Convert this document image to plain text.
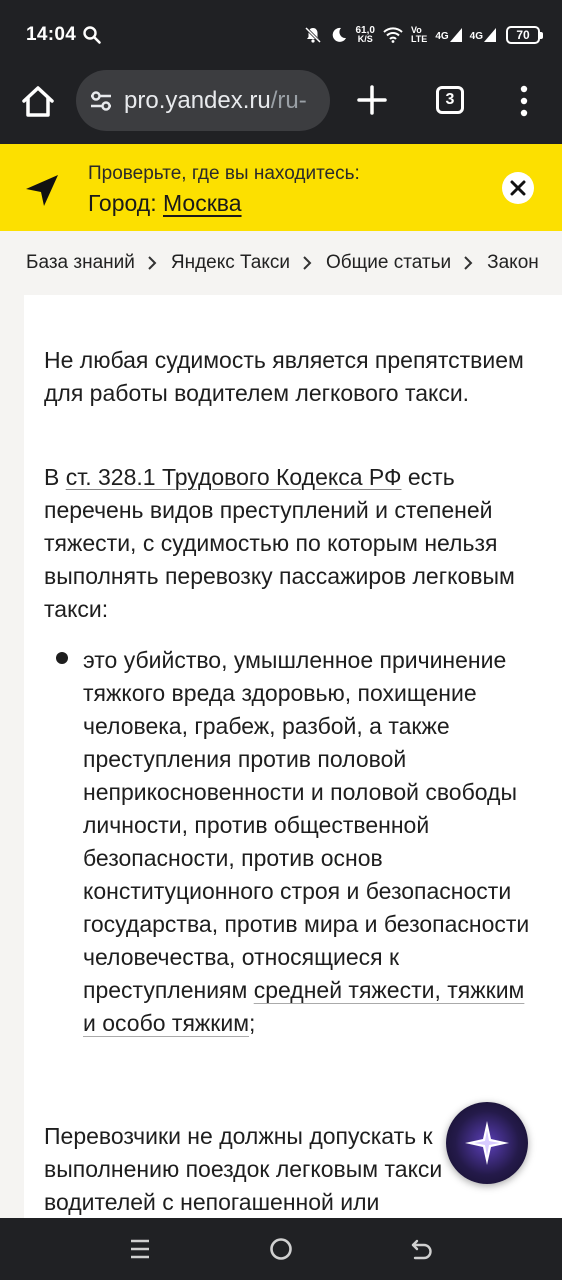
14:04	61,0
K/S
Vo
LTE 4G 4G	70
pro.yandex.ru/ru-	3
Проверьте, где вы находитесь:
Город: Москва
База знаний Яндекс Такси Общие статьи Закон
Не любая судимость является препятствием для работы водителем легкового такси.
В ст. 328.1 Трудового Кодекса РФ есть перечень видов преступлений и степеней тяжести, с судимостью по которым нельзя выполнять перевозку пассажиров легковым такси:
это убийство, умышленное причинение тяжкого вреда здоровью, похищение человека, грабеж, разбой, а также преступления против половой неприкосновенности и половой свободы личности, против общественной безопасности, против основ конституционного строя и безопасности государства, против мира и безопасности человечества, относящиеся к преступлениям средней тяжести, тяжким и особо тяжким;
Перевозчики не должны допускать к выполнению поездок легковым такси водителей с непогашенной или
